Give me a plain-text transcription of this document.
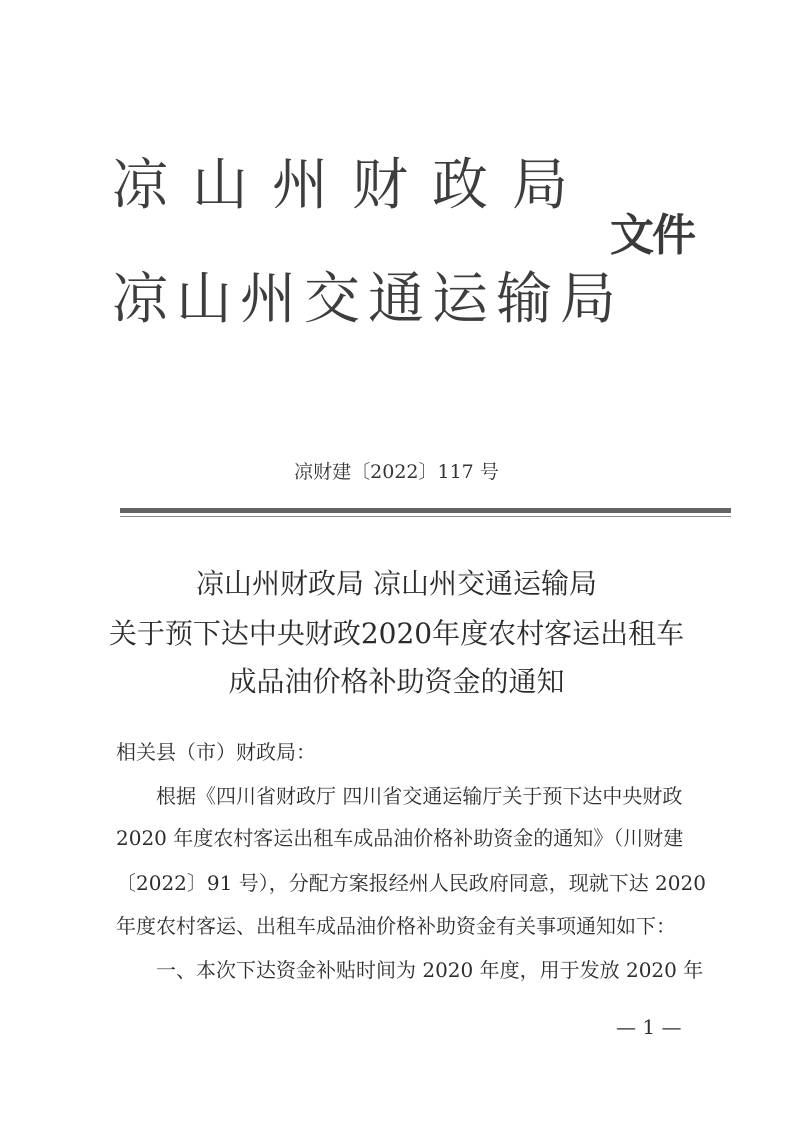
凉山州财政局
凉山州交通运输局
文件
凉财建〔2022〕117 号
凉山州财政局 凉山州交通运输局
关于预下达中央财政2020年度农村客运出租车
成品油价格补助资金的通知
相关县（市）财政局：
根据《四川省财政厅 四川省交通运输厅关于预下达中央财政
2020 年度农村客运出租车成品油价格补助资金的通知》（川财建
〔2022〕91 号），分配方案报经州人民政府同意，现就下达 2020
年度农村客运、出租车成品油价格补助资金有关事项通知如下：
一、本次下达资金补贴时间为 2020 年度，用于发放 2020 年
— 1 —
